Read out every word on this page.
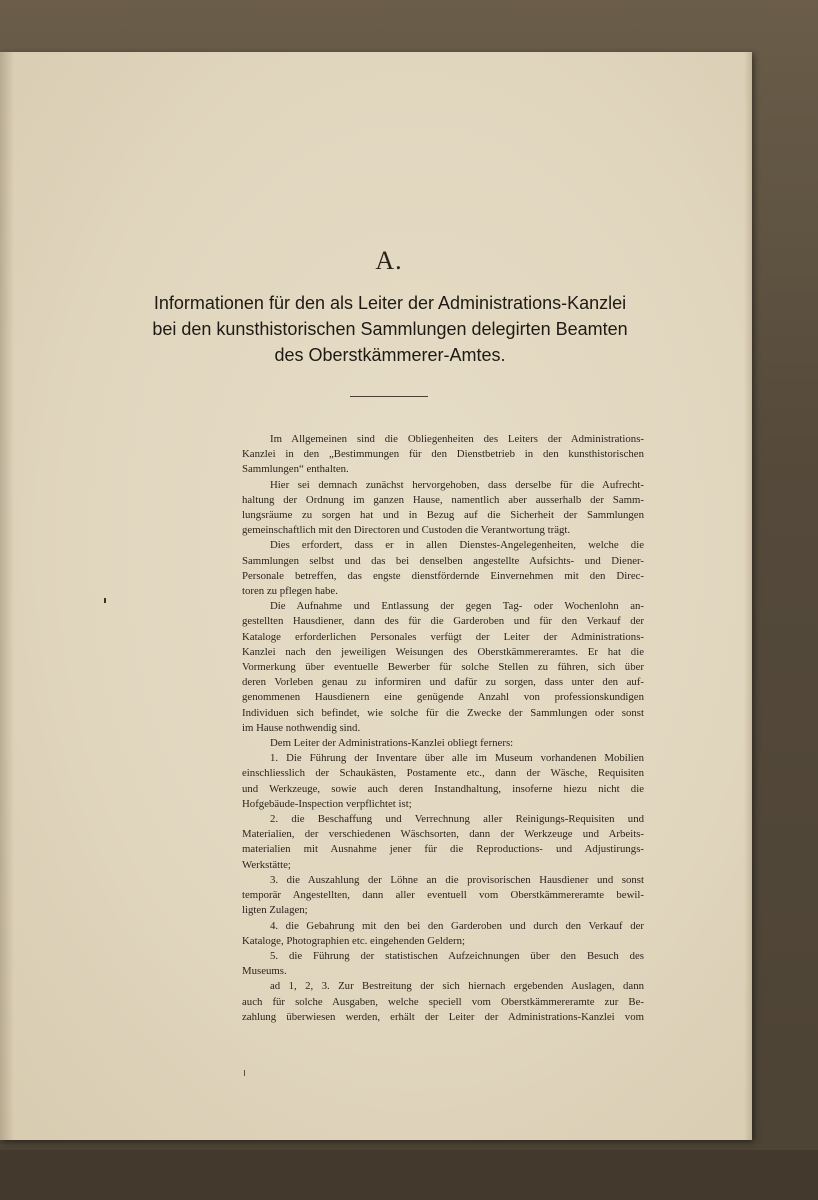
A.
Informationen für den als Leiter der Administrations-Kanzlei
bei den kunsthistorischen Sammlungen delegirten Beamten
des Oberstkämmerer-Amtes.
Im Allgemeinen sind die Obliegenheiten des Leiters der Administrations-
Kanzlei in den „Bestimmungen für den Dienstbetrieb in den kunsthistorischen
Sammlungen“ enthalten.
Hier sei demnach zunächst hervorgehoben, dass derselbe für die Aufrecht-
haltung der Ordnung im ganzen Hause, namentlich aber ausserhalb der Samm-
lungsräume zu sorgen hat und in Bezug auf die Sicherheit der Sammlungen
gemeinschaftlich mit den Directoren und Custoden die Verantwortung trägt.
Dies erfordert, dass er in allen Dienstes-Angelegenheiten, welche die
Sammlungen selbst und das bei denselben angestellte Aufsichts- und Diener-
Personale betreffen, das engste dienstfördernde Einvernehmen mit den Direc-
toren zu pflegen habe.
Die Aufnahme und Entlassung der gegen Tag- oder Wochenlohn an-
gestellten Hausdiener, dann des für die Garderoben und für den Verkauf der
Kataloge erforderlichen Personales verfügt der Leiter der Administrations-
Kanzlei nach den jeweiligen Weisungen des Oberstkämmereramtes. Er hat die
Vormerkung über eventuelle Bewerber für solche Stellen zu führen, sich über
deren Vorleben genau zu informiren und dafür zu sorgen, dass unter den auf-
genommenen Hausdienern eine genügende Anzahl von professionskundigen
Individuen sich befindet, wie solche für die Zwecke der Sammlungen oder sonst
im Hause nothwendig sind.
Dem Leiter der Administrations-Kanzlei obliegt ferners:
1. Die Führung der Inventare über alle im Museum vorhandenen Mobilien
einschliesslich der Schaukästen, Postamente etc., dann der Wäsche, Requisiten
und Werkzeuge, sowie auch deren Instandhaltung, insoferne hiezu nicht die
Hofgebäude-Inspection verpflichtet ist;
2. die Beschaffung und Verrechnung aller Reinigungs-Requisiten und
Materialien, der verschiedenen Wäschsorten, dann der Werkzeuge und Arbeits-
materialien mit Ausnahme jener für die Reproductions- und Adjustirungs-
Werkstätte;
3. die Auszahlung der Löhne an die provisorischen Hausdiener und sonst
temporär Angestellten, dann aller eventuell vom Oberstkämmereramte bewil-
ligten Zulagen;
4. die Gebahrung mit den bei den Garderoben und durch den Verkauf der
Kataloge, Photographien etc. eingehenden Geldern;
5. die Führung der statistischen Aufzeichnungen über den Besuch des
Museums.
ad 1, 2, 3. Zur Bestreitung der sich hiernach ergebenden Auslagen, dann
auch für solche Ausgaben, welche speciell vom Oberstkämmereramte zur Be-
zahlung überwiesen werden, erhält der Leiter der Administrations-Kanzlei vom
